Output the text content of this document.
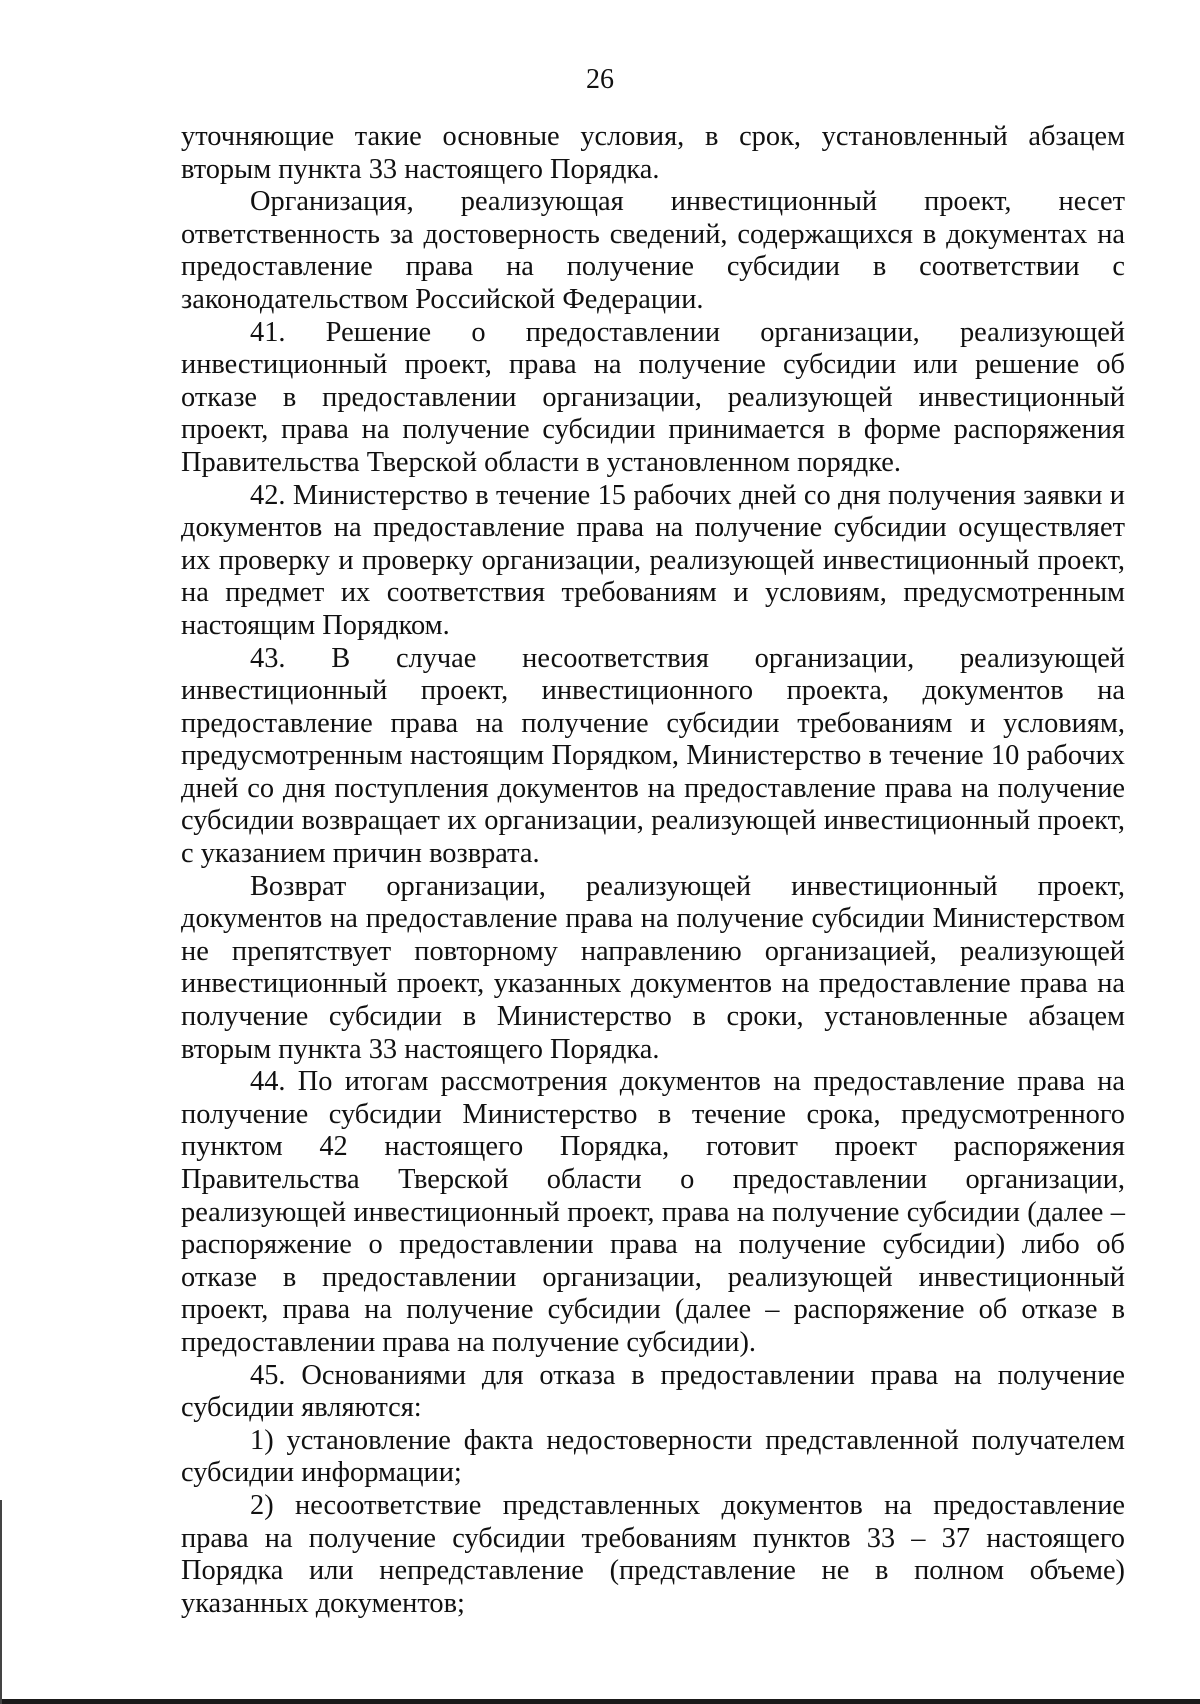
26

уточняющие такие основные условия, в срок, установленный абзацем вторым пункта 33 настоящего Порядка.

Организация, реализующая инвестиционный проект, несет ответственность за достоверность сведений, содержащихся в документах на предоставление права на получение субсидии в соответствии с законодательством Российской Федерации.

41. Решение о предоставлении организации, реализующей инвестиционный проект, права на получение субсидии или решение об отказе в предоставлении организации, реализующей инвестиционный проект, права на получение субсидии принимается в форме распоряжения Правительства Тверской области в установленном порядке.

42. Министерство в течение 15 рабочих дней со дня получения заявки и документов на предоставление права на получение субсидии осуществляет их проверку и проверку организации, реализующей инвестиционный проект, на предмет их соответствия требованиям и условиям, предусмотренным настоящим Порядком.

43. В случае несоответствия организации, реализующей инвестиционный проект, инвестиционного проекта, документов на предоставление права на получение субсидии требованиям и условиям, предусмотренным настоящим Порядком, Министерство в течение 10 рабочих дней со дня поступления документов на предоставление права на получение субсидии возвращает их организации, реализующей инвестиционный проект, с указанием причин возврата.

Возврат организации, реализующей инвестиционный проект, документов на предоставление права на получение субсидии Министерством не препятствует повторному направлению организацией, реализующей инвестиционный проект, указанных документов на предоставление права на получение субсидии в Министерство в сроки, установленные абзацем вторым пункта 33 настоящего Порядка.

44. По итогам рассмотрения документов на предоставление права на получение субсидии Министерство в течение срока, предусмотренного пунктом 42 настоящего Порядка, готовит проект распоряжения Правительства Тверской области о предоставлении организации, реализующей инвестиционный проект, права на получение субсидии (далее – распоряжение о предоставлении права на получение субсидии) либо об отказе в предоставлении организации, реализующей инвестиционный проект, права на получение субсидии (далее – распоряжение об отказе в предоставлении права на получение субсидии).

45. Основаниями для отказа в предоставлении права на получение субсидии являются:

1) установление факта недостоверности представленной получателем субсидии информации;

2) несоответствие представленных документов на предоставление права на получение субсидии требованиям пунктов 33 – 37 настоящего Порядка или непредставление (представление не в полном объеме) указанных документов;
